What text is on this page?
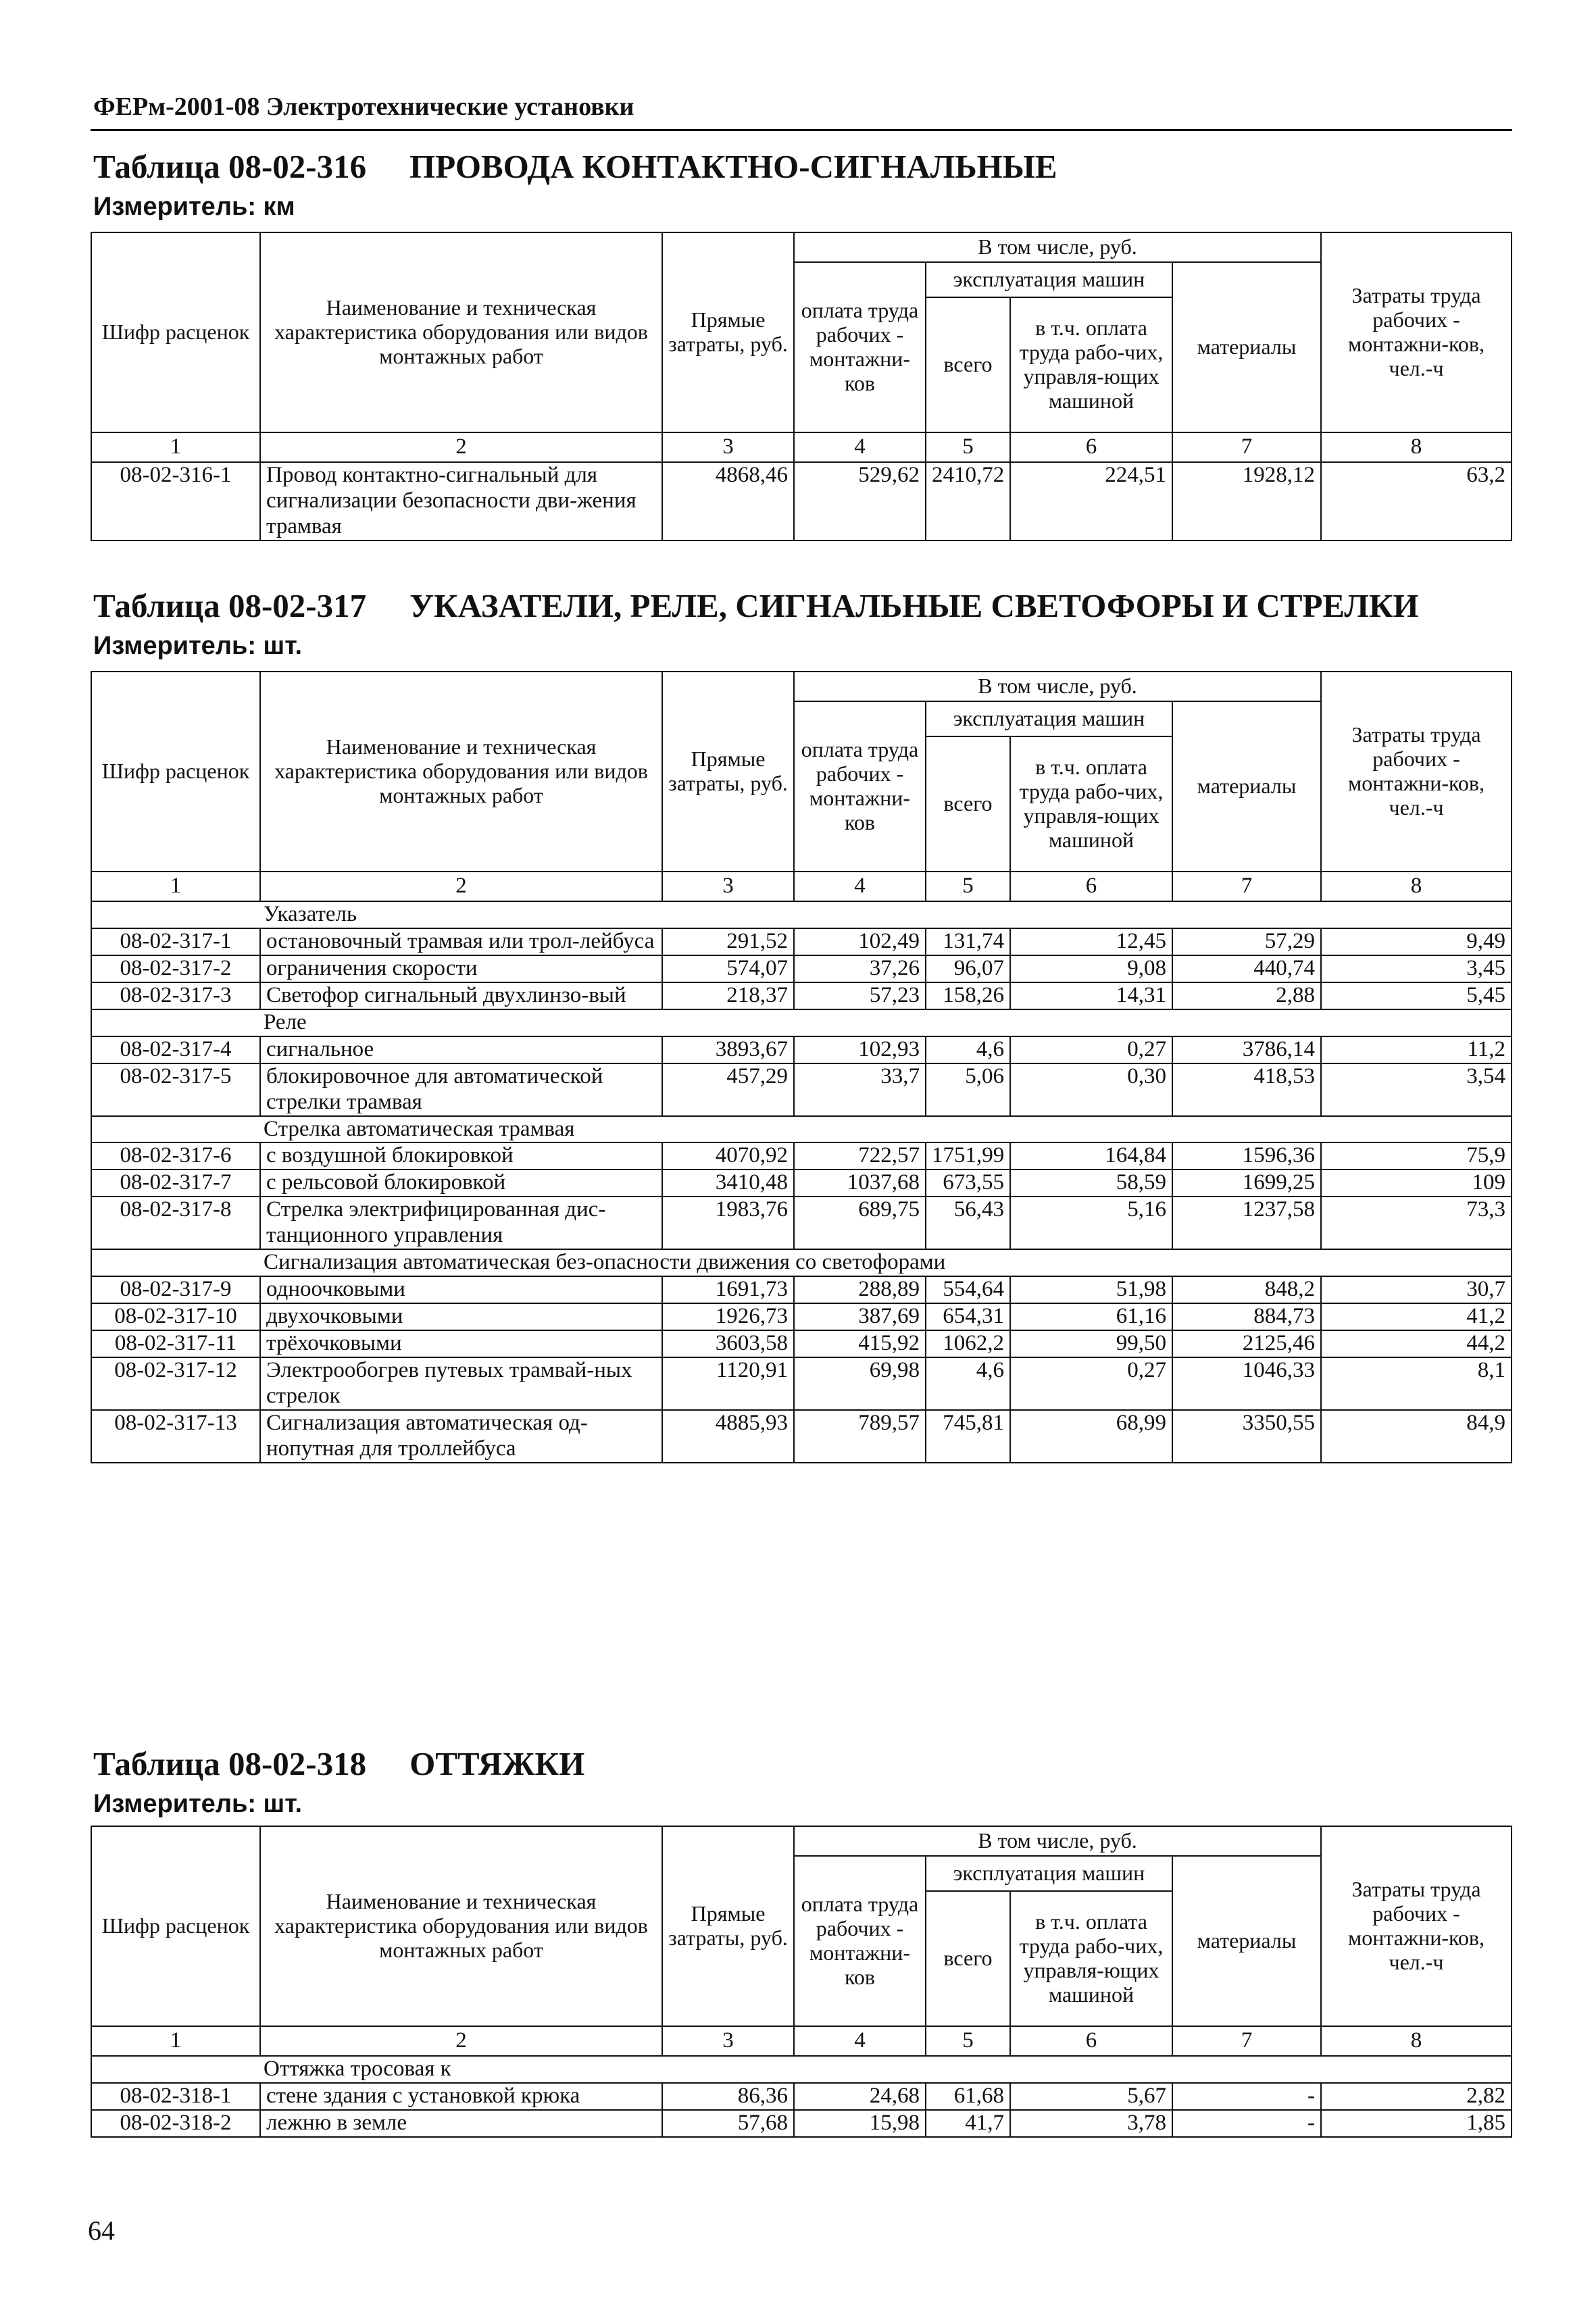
ФЕРм-2001-08 Электротехнические установки
Таблица 08-02-316 ПРОВОДА КОНТАКТНО-СИГНАЛЬНЫЕ
Измеритель: км
Шифр расценок	Наименование и техническая характеристика оборудования или видов монтажных работ	Прямые затраты, руб.	В том числе, руб.				Затраты труда рабочих - монтажни-ков, чел.-ч
			оплата труда рабочих - монтажни-ков	эксплуатация машин		материалы	
				всего	в т.ч. оплата труда рабо-чих, управля-ющих машиной		
1	2	3	4	5	6	7	8
08-02-316-1	Провод контактно-сигнальный для сигнализации безопасности дви-жения трамвая	4868,46	529,62	2410,72	224,51	1928,12	63,2
Таблица 08-02-317 УКАЗАТЕЛИ, РЕЛЕ, СИГНАЛЬНЫЕ СВЕТОФОРЫ И СТРЕЛКИ
Измеритель: шт.
Шифр расценок	Наименование и техническая характеристика оборудования или видов монтажных работ	Прямые затраты, руб.	В том числе, руб.				Затраты труда рабочих - монтажни-ков, чел.-ч
			оплата труда рабочих - монтажни-ков	эксплуатация машин		материалы	
				всего	в т.ч. оплата труда рабо-чих, управля-ющих машиной		
1	2	3	4	5	6	7	8
Указатель							
08-02-317-1	остановочный трамвая или трол-лейбуса	291,52	102,49	131,74	12,45	57,29	9,49
08-02-317-2	ограничения скорости	574,07	37,26	96,07	9,08	440,74	3,45
08-02-317-3	Светофор сигнальный двухлинзо-вый	218,37	57,23	158,26	14,31	2,88	5,45
Реле							
08-02-317-4	сигнальное	3893,67	102,93	4,6	0,27	3786,14	11,2
08-02-317-5	блокировочное для автоматической стрелки трамвая	457,29	33,7	5,06	0,30	418,53	3,54
Стрелка автоматическая трамвая							
08-02-317-6	с воздушной блокировкой	4070,92	722,57	1751,99	164,84	1596,36	75,9
08-02-317-7	с рельсовой блокировкой	3410,48	1037,68	673,55	58,59	1699,25	109
08-02-317-8	Стрелка электрифицированная дис-танционного управления	1983,76	689,75	56,43	5,16	1237,58	73,3
Сигнализация автоматическая без-опасности движения со светофорами							
08-02-317-9	одноочковыми	1691,73	288,89	554,64	51,98	848,2	30,7
08-02-317-10	двухочковыми	1926,73	387,69	654,31	61,16	884,73	41,2
08-02-317-11	трёхочковыми	3603,58	415,92	1062,2	99,50	2125,46	44,2
08-02-317-12	Электрообогрев путевых трамвай-ных стрелок	1120,91	69,98	4,6	0,27	1046,33	8,1
08-02-317-13	Сигнализация автоматическая од-нопутная для троллейбуса	4885,93	789,57	745,81	68,99	3350,55	84,9
Таблица 08-02-318 ОТТЯЖКИ
Измеритель: шт.
Шифр расценок	Наименование и техническая характеристика оборудования или видов монтажных работ	Прямые затраты, руб.	В том числе, руб.				Затраты труда рабочих - монтажни-ков, чел.-ч
			оплата труда рабочих - монтажни-ков	эксплуатация машин		материалы	
				всего	в т.ч. оплата труда рабо-чих, управля-ющих машиной		
1	2	3	4	5	6	7	8
Оттяжка тросовая к							
08-02-318-1	стене здания с установкой крюка	86,36	24,68	61,68	5,67	-	2,82
08-02-318-2	лежню в земле	57,68	15,98	41,7	3,78	-	1,85
64
